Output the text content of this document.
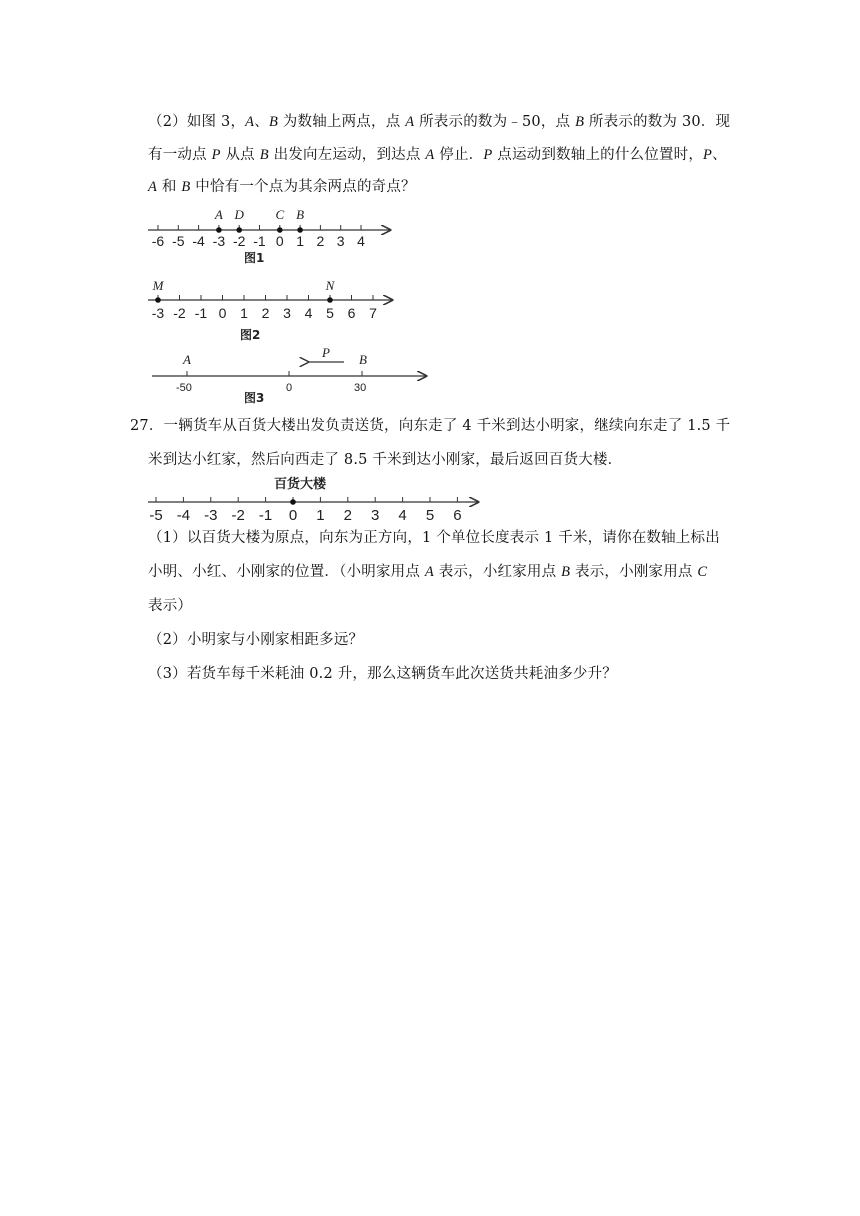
（2）如图 3，A、B 为数轴上两点，点 A 所表示的数为﹣50，点 B 所表示的数为 30．现
有一动点 P 从点 B 出发向左运动，到达点 A 停止．P 点运动到数轴上的什么位置时，P、
A 和 B 中恰有一个点为其余两点的奇点？
-6 -5 -4 -3 -2 -1 0 1 2 3 4
A D C B
图1
-3 -2 -1 0 1 2 3 4 5 6 7
M	N
图2
A	P B
-50	0	30
图3
27．一辆货车从百货大楼出发负责送货，向东走了 4 千米到达小明家，继续向东走了 1.5 千
米到达小红家，然后向西走了 8.5 千米到达小刚家，最后返回百货大楼．
百货大楼
-5 -4 -3 -2 -1 0 1 2 3 4 5 6
（1）以百货大楼为原点，向东为正方向，1 个单位长度表示 1 千米，请你在数轴上标出
小明、小红、小刚家的位置．（小明家用点 A 表示，小红家用点 B 表示，小刚家用点 C
表示）
（2）小明家与小刚家相距多远？
（3）若货车每千米耗油 0.2 升，那么这辆货车此次送货共耗油多少升？
